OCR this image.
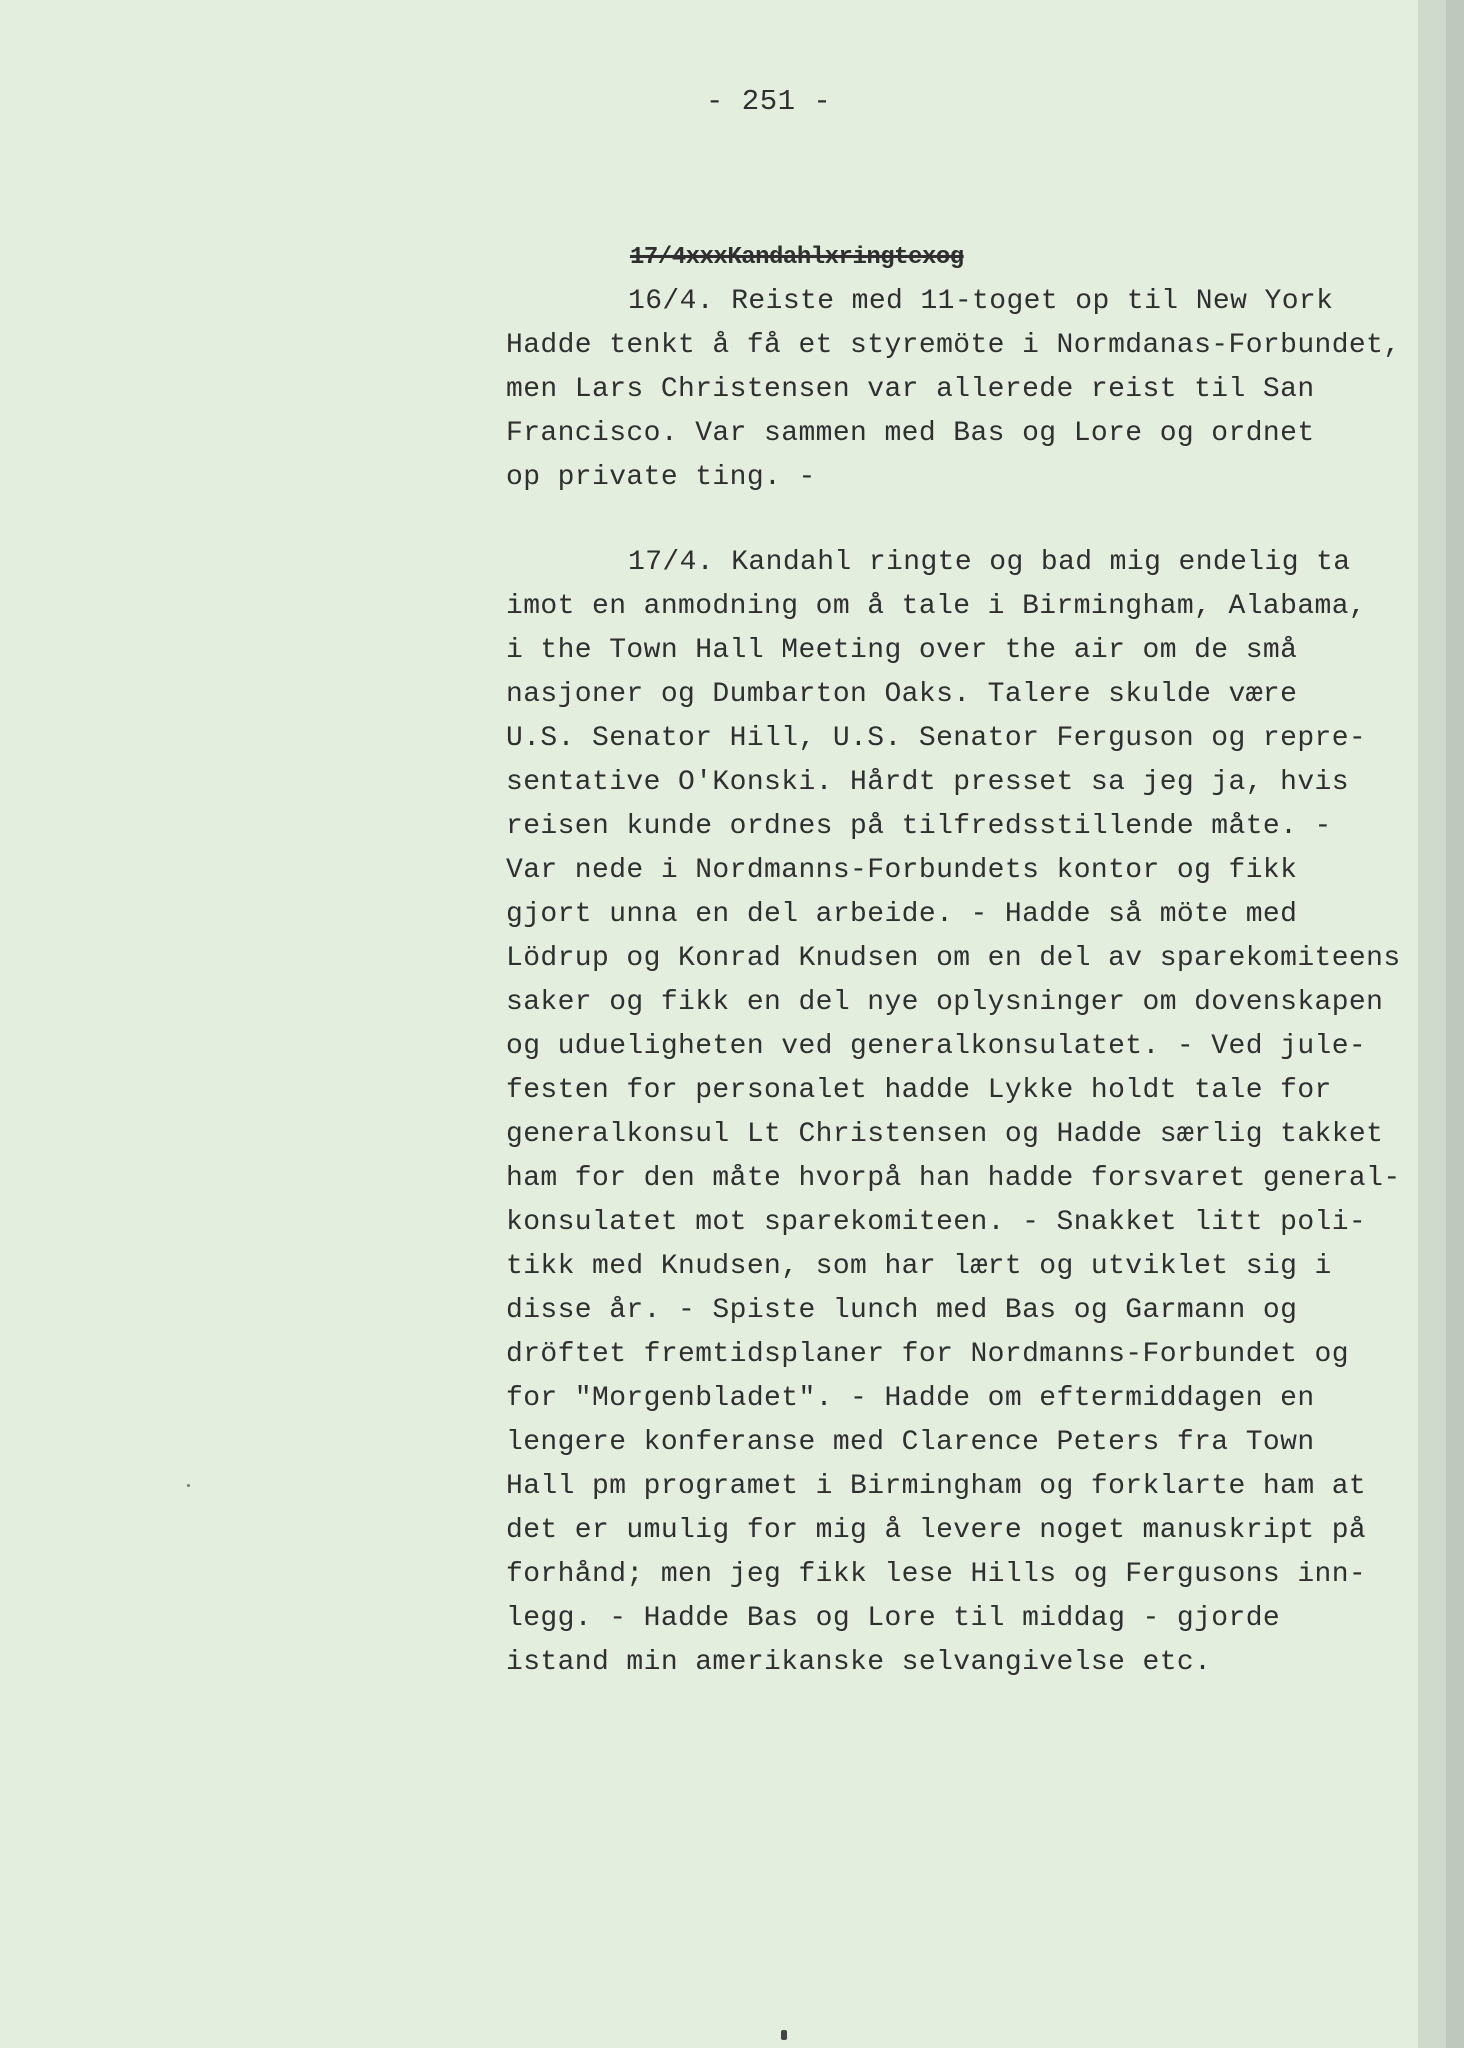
- 251 -

17/4xxxKandahlxringtexog

16/4. Reiste med 11-toget op til New York

Hadde tenkt å få et styremöte i Normdanas-Forbundet,

men Lars Christensen var allerede reist til San

Francisco. Var sammen med Bas og Lore og ordnet

op private ting. -

17/4. Kandahl ringte og bad mig endelig ta

imot en anmodning om å tale i Birmingham, Alabama,

i the Town Hall Meeting over the air om de små

nasjoner og Dumbarton Oaks. Talere skulde være

U.S. Senator Hill, U.S. Senator Ferguson og repre-

sentative O'Konski. Hårdt presset sa jeg ja, hvis

reisen kunde ordnes på tilfredsstillende måte. -

Var nede i Nordmanns-Forbundets kontor og fikk

gjort unna en del arbeide. - Hadde så möte med

Lödrup og Konrad Knudsen om en del av sparekomiteens

saker og fikk en del nye oplysninger om dovenskapen

og udueligheten ved generalkonsulatet. - Ved jule-

festen for personalet hadde Lykke holdt tale for

generalkonsul Lt Christensen og Hadde særlig takket

ham for den måte hvorpå han hadde forsvaret general-

konsulatet mot sparekomiteen. - Snakket litt poli-

tikk med Knudsen, som har lært og utviklet sig i

disse år. - Spiste lunch med Bas og Garmann og

dröftet fremtidsplaner for Nordmanns-Forbundet og

for "Morgenbladet". - Hadde om eftermiddagen en

lengere konferanse med Clarence Peters fra Town

Hall pm programet i Birmingham og forklarte ham at

det er umulig for mig å levere noget manuskript på

forhånd; men jeg fikk lese Hills og Fergusons inn-

legg. - Hadde Bas og Lore til middag - gjorde

istand min amerikanske selvangivelse etc.
